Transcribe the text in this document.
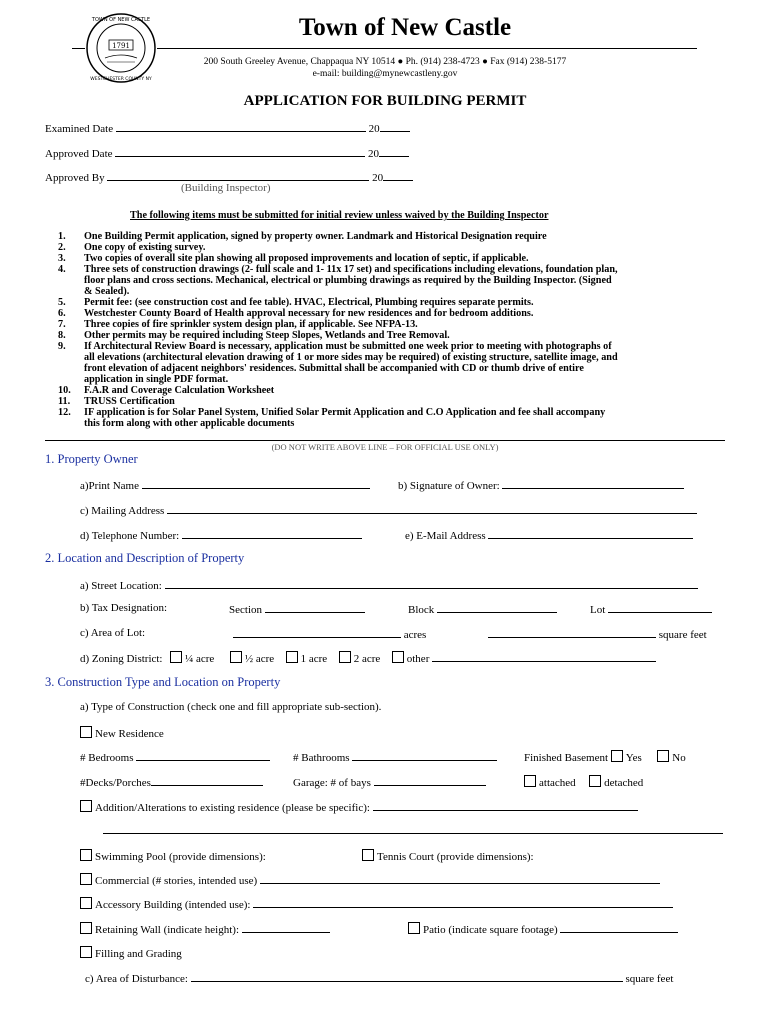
1791
TOWN OF NEW CASTLE
WESTCHESTER COUNTY NY
Town of New Castle
200 South Greeley Avenue, Chappaqua NY 10514 ● Ph. (914) 238-4723 ● Fax (914) 238-5177
e-mail: building@mynewcastleny.gov
APPLICATION FOR BUILDING PERMIT
Examined Date	20
Approved Date	20
Approved By	20
(Building Inspector)
The following items must be submitted for initial review unless waived by the Building Inspector
1. One Building Permit application, signed by property owner. Landmark and Historical Designation require
2. One copy of existing survey.
3. Two copies of overall site plan showing all proposed improvements and location of septic, if applicable.
4. Three sets of construction drawings (2- full scale and 1- 11x 17 set) and specifications including elevations, foundation plan,
floor plans and cross sections. Mechanical, electrical or plumbing drawings as required by the Building Inspector. (Signed
& Sealed).
5. Permit fee: (see construction cost and fee table). HVAC, Electrical, Plumbing requires separate permits.
6. Westchester County Board of Health approval necessary for new residences and for bedroom additions.
7. Three copies of fire sprinkler system design plan, if applicable. See NFPA-13.
8. Other permits may be required including Steep Slopes, Wetlands and Tree Removal.
9. If Architectural Review Board is necessary, application must be submitted one week prior to meeting with photographs of
all elevations (architectural elevation drawing of 1 or more sides may be required) of existing structure, satellite image, and
front elevation of adjacent neighbors' residences. Submittal shall be accompanied with CD or thumb drive of entire
application in single PDF format.
10. F.A.R and Coverage Calculation Worksheet
11. TRUSS Certification
12. IF application is for Solar Panel System, Unified Solar Permit Application and C.O Application and fee shall accompany
this form along with other applicable documents
(DO NOT WRITE ABOVE LINE – FOR OFFICIAL USE ONLY)
1. Property Owner
a)Print Name	b) Signature of Owner:
c) Mailing Address
d) Telephone Number:	e) E-Mail Address
2. Location and Description of Property
a) Street Location:
b) Tax Designation:	Section	Block	Lot
c) Area of Lot:	acres	square feet
d) Zoning District: ¼ acre	½ acre 1 acre 2 acre other
3. Construction Type and Location on Property
a) Type of Construction (check one and fill appropriate sub-section).
New Residence
# Bedrooms	# Bathrooms	Finished Basement Yes	No
#Decks/Porches	Garage: # of bays	attached	detached
Addition/Alterations to existing residence (please be specific):
Swimming Pool (provide dimensions):	Tennis Court (provide dimensions):
Commercial (# stories, intended use)
Accessory Building (intended use):
Retaining Wall (indicate height):	Patio (indicate square footage)
Filling and Grading
c) Area of Disturbance:	square feet
